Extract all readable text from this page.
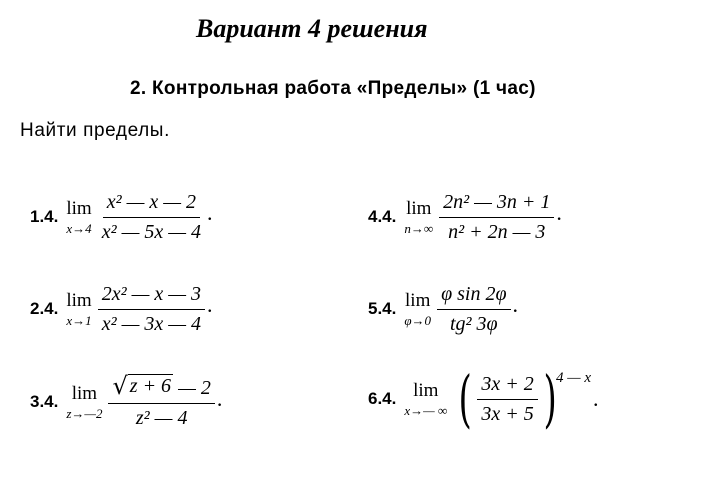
Вариант 4 решения
2. Контрольная работа «Пределы» (1 час)
Найти пределы.
1.4. lim
$x\to 4 \frac{\text{x² — x — 2}}{\text{x² — 5x — 4}}$ .
2.4. lim
$x\to 1 \frac{\text{2x² — x — 3}}{\text{x² — 3x — 4}}$ .
3.4. lim
z→—2 $\frac{√ z + 6 — 2}{\text{z² — 4}}$ .
4.4. lim
$n\to\infty \frac{\text{2n² — 3n + 1}}{\text{n² + 2n — 3}}$ .
5.4. lim
$\varphi\to 0 \frac{\text{φ sin 2φ}}{\text{tg² 3φ}}$ .
6.4. lim
x→— ∞ ( $\frac{3x + 2}{3x + 5}$ ) 4 — x
.
